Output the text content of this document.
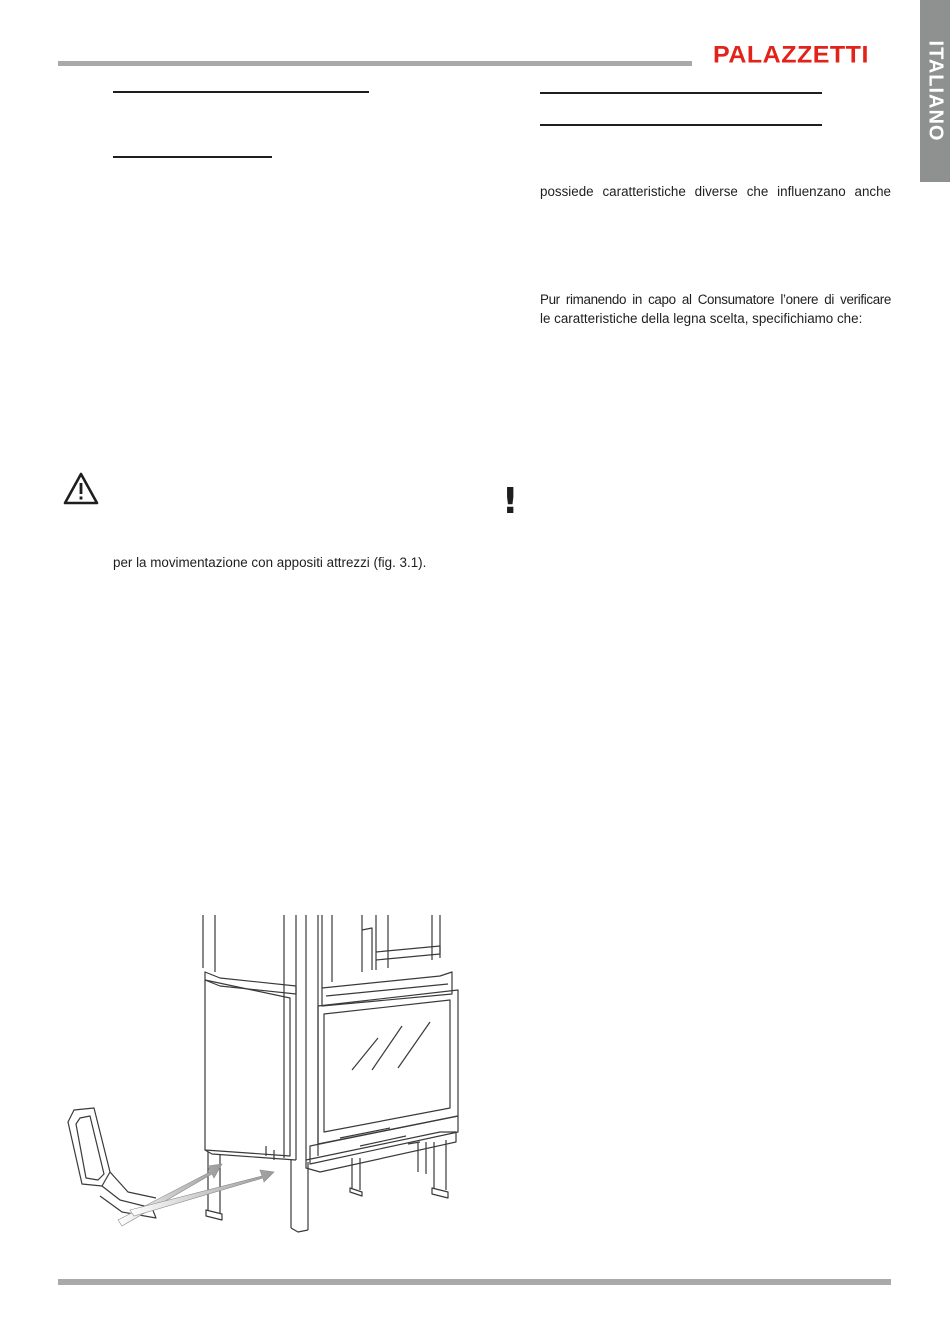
PALAZZETTI	ITALIANO
possiede caratteristiche diverse che influenzano anche
Pur rimanendo in capo al Consumatore l’onere di verificare
le caratteristiche della legna scelta, specifichiamo che:
!
per la movimentazione con appositi attrezzi (fig. 3.1).
